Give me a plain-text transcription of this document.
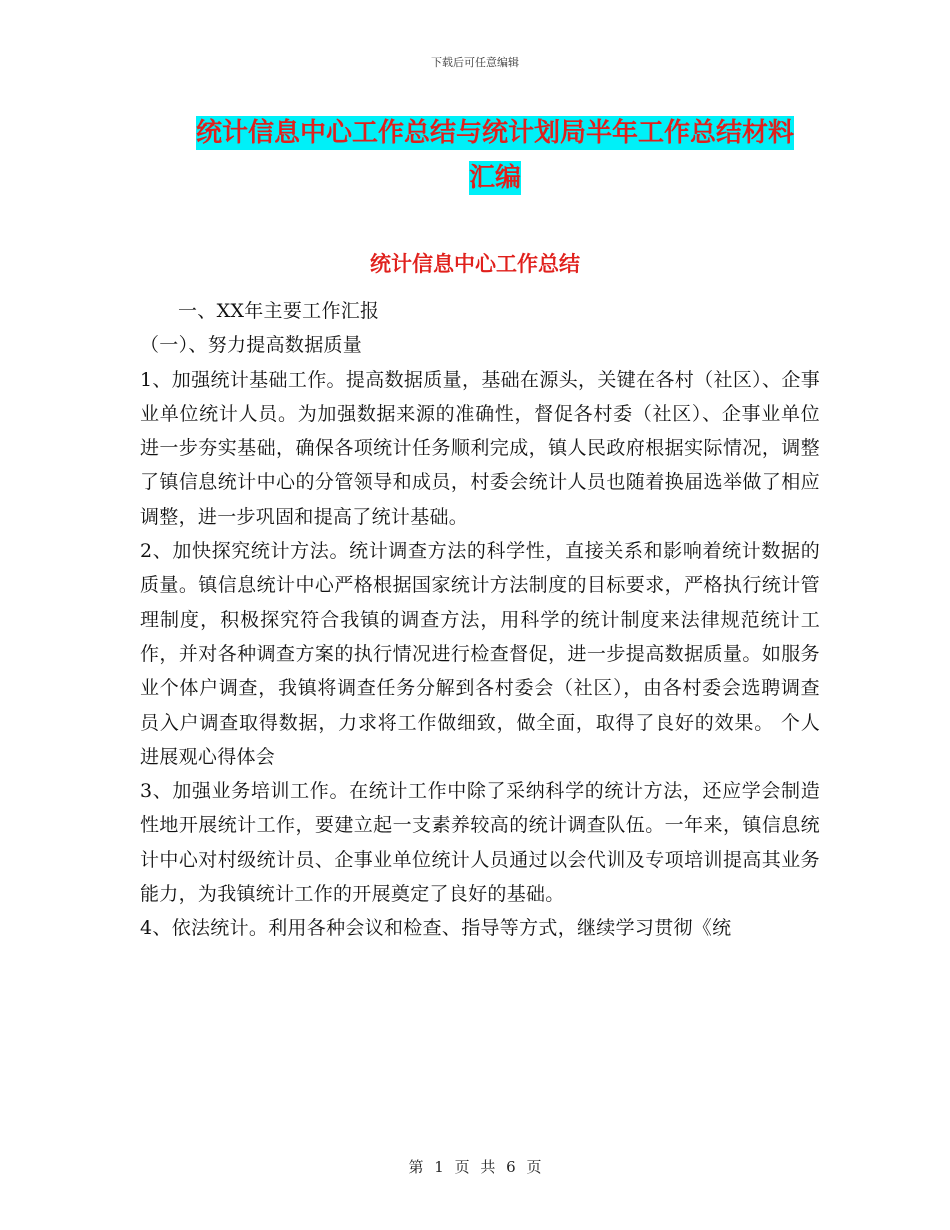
下载后可任意编辑
统计信息中心工作总结与统计划局半年工作总结材料
汇编
统计信息中心工作总结

一、XX年主要工作汇报

（一）、努力提高数据质量

1、加强统计基础工作。提高数据质量，基础在源头，关键在各村（社区）、企事业单位统计人员。为加强数据来源的准确性，督促各村委（社区）、企事业单位进一步夯实基础，确保各项统计任务顺利完成，镇人民政府根据实际情况，调整了镇信息统计中心的分管领导和成员，村委会统计人员也随着换届选举做了相应调整，进一步巩固和提高了统计基础。

2、加快探究统计方法。统计调查方法的科学性，直接关系和影响着统计数据的质量。镇信息统计中心严格根据国家统计方法制度的目标要求，严格执行统计管理制度，积极探究符合我镇的调查方法，用科学的统计制度来法律规范统计工作，并对各种调查方案的执行情况进行检查督促，进一步提高数据质量。如服务业个体户调查，我镇将调查任务分解到各村委会（社区），由各村委会选聘调查员入户调查取得数据，力求将工作做细致，做全面，取得了良好的效果。 个人进展观心得体会

3、加强业务培训工作。在统计工作中除了采纳科学的统计方法，还应学会制造性地开展统计工作，要建立起一支素养较高的统计调查队伍。一年来，镇信息统计中心对村级统计员、企事业单位统计人员通过以会代训及专项培训提高其业务能力，为我镇统计工作的开展奠定了良好的基础。

4、依法统计。利用各种会议和检查、指导等方式，继续学习贯彻《统

第 1 页 共 6 页
